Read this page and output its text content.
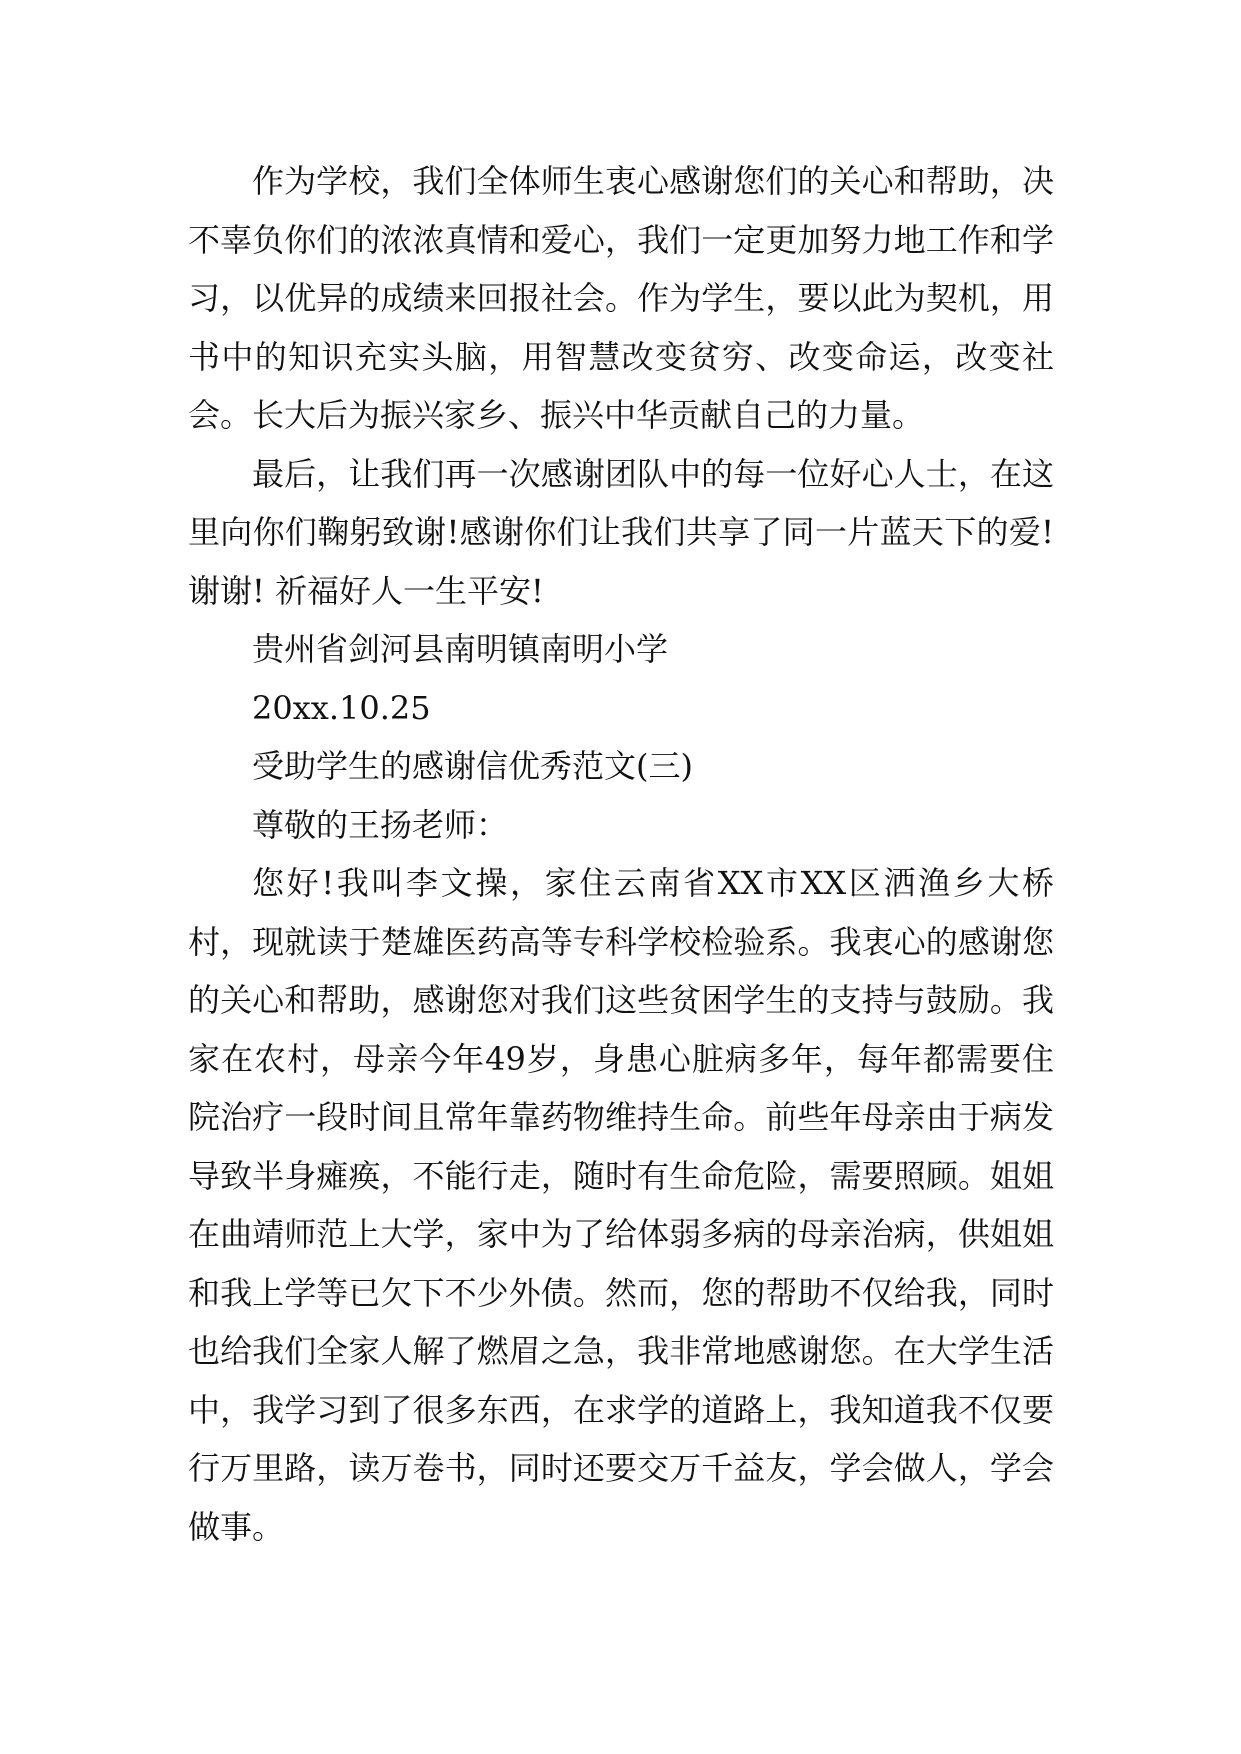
作为学校，我们全体师生衷心感谢您们的关心和帮助，决不辜负你们的浓浓真情和爱心，我们一定更加努力地工作和学习，以优异的成绩来回报社会。作为学生，要以此为契机，用书中的知识充实头脑，用智慧改变贫穷、改变命运，改变社会。长大后为振兴家乡、振兴中华贡献自己的力量。

最后，让我们再一次感谢团队中的每一位好心人士，在这里向你们鞠躬致谢!感谢你们让我们共享了同一片蓝天下的爱!谢谢! 祈福好人一生平安!

贵州省剑河县南明镇南明小学

20xx.10.25

受助学生的感谢信优秀范文(三)

尊敬的王扬老师：

您好!我叫李文操，家住云南省XX市XX区洒渔乡大桥村，现就读于楚雄医药高等专科学校检验系。我衷心的感谢您的关心和帮助，感谢您对我们这些贫困学生的支持与鼓励。我家在农村，母亲今年49岁，身患心脏病多年，每年都需要住院治疗一段时间且常年靠药物维持生命。前些年母亲由于病发导致半身瘫痪，不能行走，随时有生命危险，需要照顾。姐姐在曲靖师范上大学，家中为了给体弱多病的母亲治病，供姐姐和我上学等已欠下不少外债。然而，您的帮助不仅给我，同时也给我们全家人解了燃眉之急，我非常地感谢您。在大学生活中，我学习到了很多东西，在求学的道路上，我知道我不仅要行万里路，读万卷书，同时还要交万千益友，学会做人，学会做事。
